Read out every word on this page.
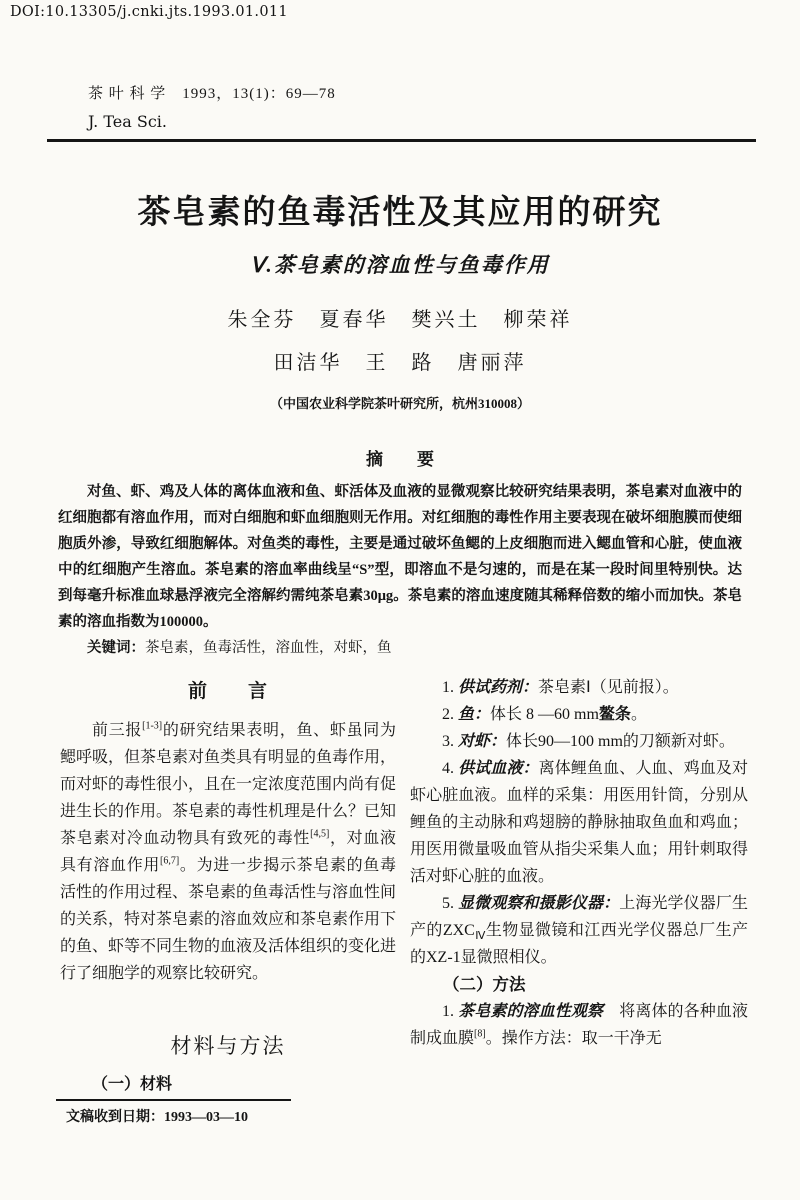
DOI:10.13305/j.cnki.jts.1993.01.011
茶 叶 科 学　1993，13(1)：69—78
J. Tea Sci.
茶皂素的鱼毒活性及其应用的研究
Ⅴ.茶皂素的溶血性与鱼毒作用
朱全芬　夏春华　樊兴土　柳荣祥
田洁华　王　路　唐丽萍
（中国农业科学院茶叶研究所，杭州310008）
摘　　要

对鱼、虾、鸡及人体的离体血液和鱼、虾活体及血液的显微观察比较研究结果表明，茶皂素对血液中的红细胞都有溶血作用，而对白细胞和虾血细胞则无作用。对红细胞的毒性作用主要表现在破坏细胞膜而使细胞质外渗，导致红细胞解体。对鱼类的毒性，主要是通过破坏鱼鳃的上皮细胞而进入鳃血管和心脏，使血液中的红细胞产生溶血。茶皂素的溶血率曲线呈“S”型，即溶血不是匀速的，而是在某一段时间里特别快。达到每毫升标准血球悬浮液完全溶解约需纯茶皂素30μg。茶皂素的溶血速度随其稀释倍数的缩小而加快。茶皂素的溶血指数为100000。

关键词：茶皂素，鱼毒活性，溶血性，对虾，鱼

前　　言

前三报[1-3]的研究结果表明，鱼、虾虽同为鳃呼吸，但茶皂素对鱼类具有明显的鱼毒作用，而对虾的毒性很小，且在一定浓度范围内尚有促进生长的作用。茶皂素的毒性机理是什么？已知茶皂素对冷血动物具有致死的毒性[4,5]，对血液具有溶血作用[6,7]。为进一步揭示茶皂素的鱼毒活性的作用过程、茶皂素的鱼毒活性与溶血性间的关系，特对茶皂素的溶血效应和茶皂素作用下的鱼、虾等不同生物的血液及活体组织的变化进行了细胞学的观察比较研究。

材料与方法
（一）材料
文稿收到日期：1993—03—10

1. 供试药剂：茶皂素Ⅰ（见前报）。

2. 鱼：体长 8 —60 mm鳌条。

3. 对虾：体长90—100 mm的刀额新对虾。

4. 供试血液：离体鲤鱼血、人血、鸡血及对虾心脏血液。血样的采集：用医用针筒，分别从鲤鱼的主动脉和鸡翅膀的静脉抽取鱼血和鸡血；用医用微量吸血管从指尖采集人血；用针刺取得活对虾心脏的血液。

5. 显微观察和摄影仪器：上海光学仪器厂生产的$ZXC_Ⅳ$生物显微镜和江西光学仪器总厂生产的XZ-1显微照相仪。

（二）方法

1. 茶皂素的溶血性观察　将离体的各种血液制成血膜[8]。操作方法：取一干净无
